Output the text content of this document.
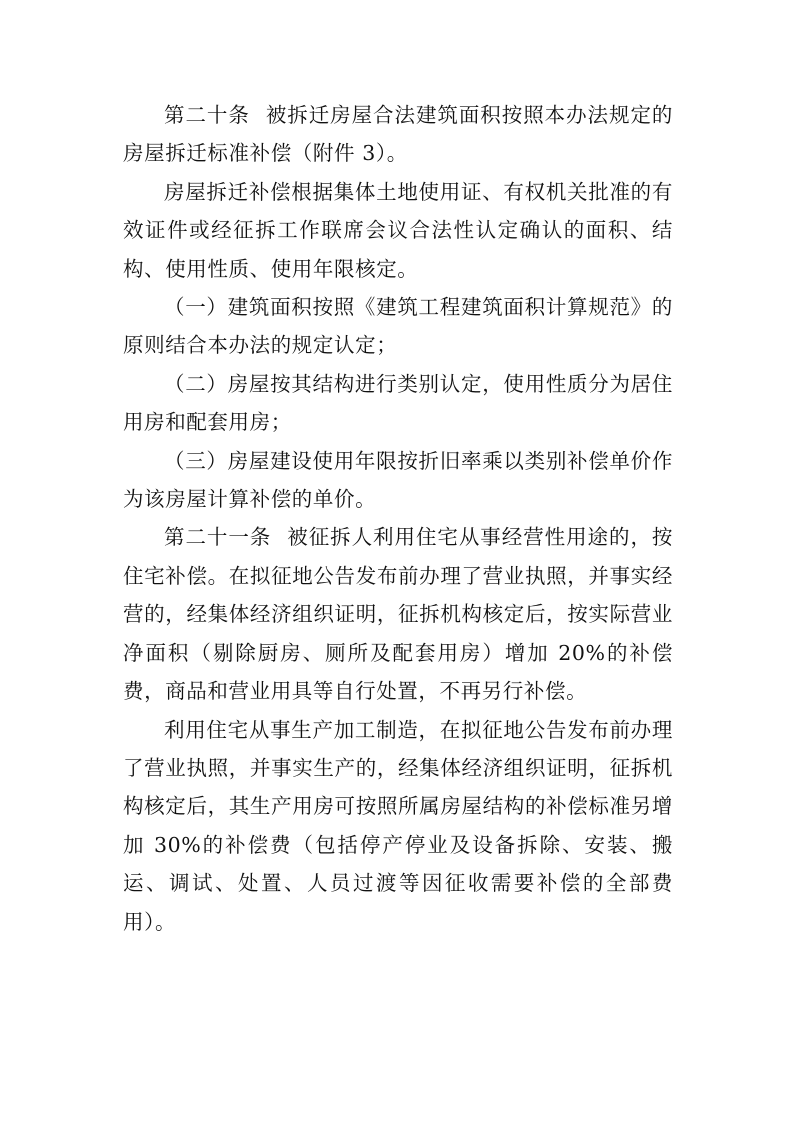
第二十条 被拆迁房屋合法建筑面积按照本办法规定的房屋拆迁标准补偿（附件 3）。

房屋拆迁补偿根据集体土地使用证、有权机关批准的有效证件或经征拆工作联席会议合法性认定确认的面积、结构、使用性质、使用年限核定。

（一）建筑面积按照《建筑工程建筑面积计算规范》的原则结合本办法的规定认定；

（二）房屋按其结构进行类别认定，使用性质分为居住用房和配套用房；

（三）房屋建设使用年限按折旧率乘以类别补偿单价作为该房屋计算补偿的单价。

第二十一条 被征拆人利用住宅从事经营性用途的，按住宅补偿。在拟征地公告发布前办理了营业执照，并事实经营的，经集体经济组织证明，征拆机构核定后，按实际营业净面积（剔除厨房、厕所及配套用房）增加 20%的补偿费，商品和营业用具等自行处置，不再另行补偿。

利用住宅从事生产加工制造，在拟征地公告发布前办理了营业执照，并事实生产的，经集体经济组织证明，征拆机构核定后，其生产用房可按照所属房屋结构的补偿标准另增加 30%的补偿费（包括停产停业及设备拆除、安装、搬运、调试、处置、人员过渡等因征收需要补偿的全部费用）。
